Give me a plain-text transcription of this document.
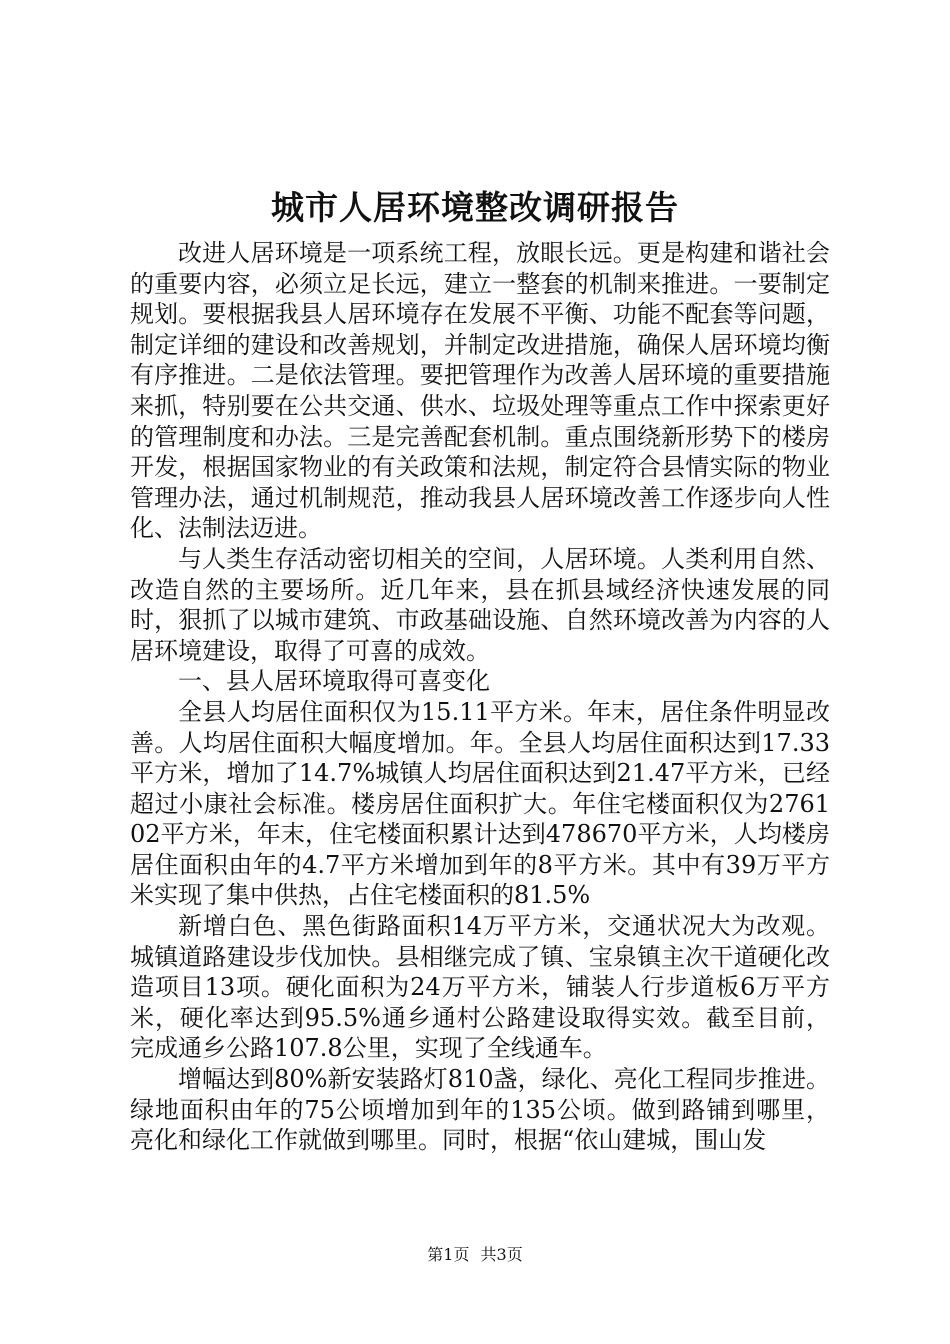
城市人居环境整改调研报告

改进人居环境是一项系统工程，放眼长远。更是构建和谐社会的重要内容，必须立足长远，建立一整套的机制来推进。一要制定规划。要根据我县人居环境存在发展不平衡、功能不配套等问题，制定详细的建设和改善规划，并制定改进措施，确保人居环境均衡有序推进。二是依法管理。要把管理作为改善人居环境的重要措施来抓，特别要在公共交通、供水、垃圾处理等重点工作中探索更好的管理制度和办法。三是完善配套机制。重点围绕新形势下的楼房开发，根据国家物业的有关政策和法规，制定符合县情实际的物业管理办法，通过机制规范，推动我县人居环境改善工作逐步向人性化、法制法迈进。

与人类生存活动密切相关的空间，人居环境。人类利用自然、改造自然的主要场所。近几年来，县在抓县域经济快速发展的同时，狠抓了以城市建筑、市政基础设施、自然环境改善为内容的人居环境建设，取得了可喜的成效。

一、县人居环境取得可喜变化

全县人均居住面积仅为15.11平方米。年末，居住条件明显改善。人均居住面积大幅度增加。年。全县人均居住面积达到17.33平方米，增加了14.7%城镇人均居住面积达到21.47平方米，已经超过小康社会标准。楼房居住面积扩大。年住宅楼面积仅为276102平方米，年末，住宅楼面积累计达到478670平方米，人均楼房居住面积由年的4.7平方米增加到年的8平方米。其中有39万平方米实现了集中供热，占住宅楼面积的81.5%

新增白色、黑色街路面积14万平方米，交通状况大为改观。城镇道路建设步伐加快。县相继完成了镇、宝泉镇主次干道硬化改造项目13项。硬化面积为24万平方米，铺装人行步道板6万平方米，硬化率达到95.5%通乡通村公路建设取得实效。截至目前，完成通乡公路107.8公里，实现了全线通车。

增幅达到80%新安装路灯810盏，绿化、亮化工程同步推进。绿地面积由年的75公顷增加到年的135公顷。做到路铺到哪里，亮化和绿化工作就做到哪里。同时，根据“依山建城，围山发

第1页 共3页
